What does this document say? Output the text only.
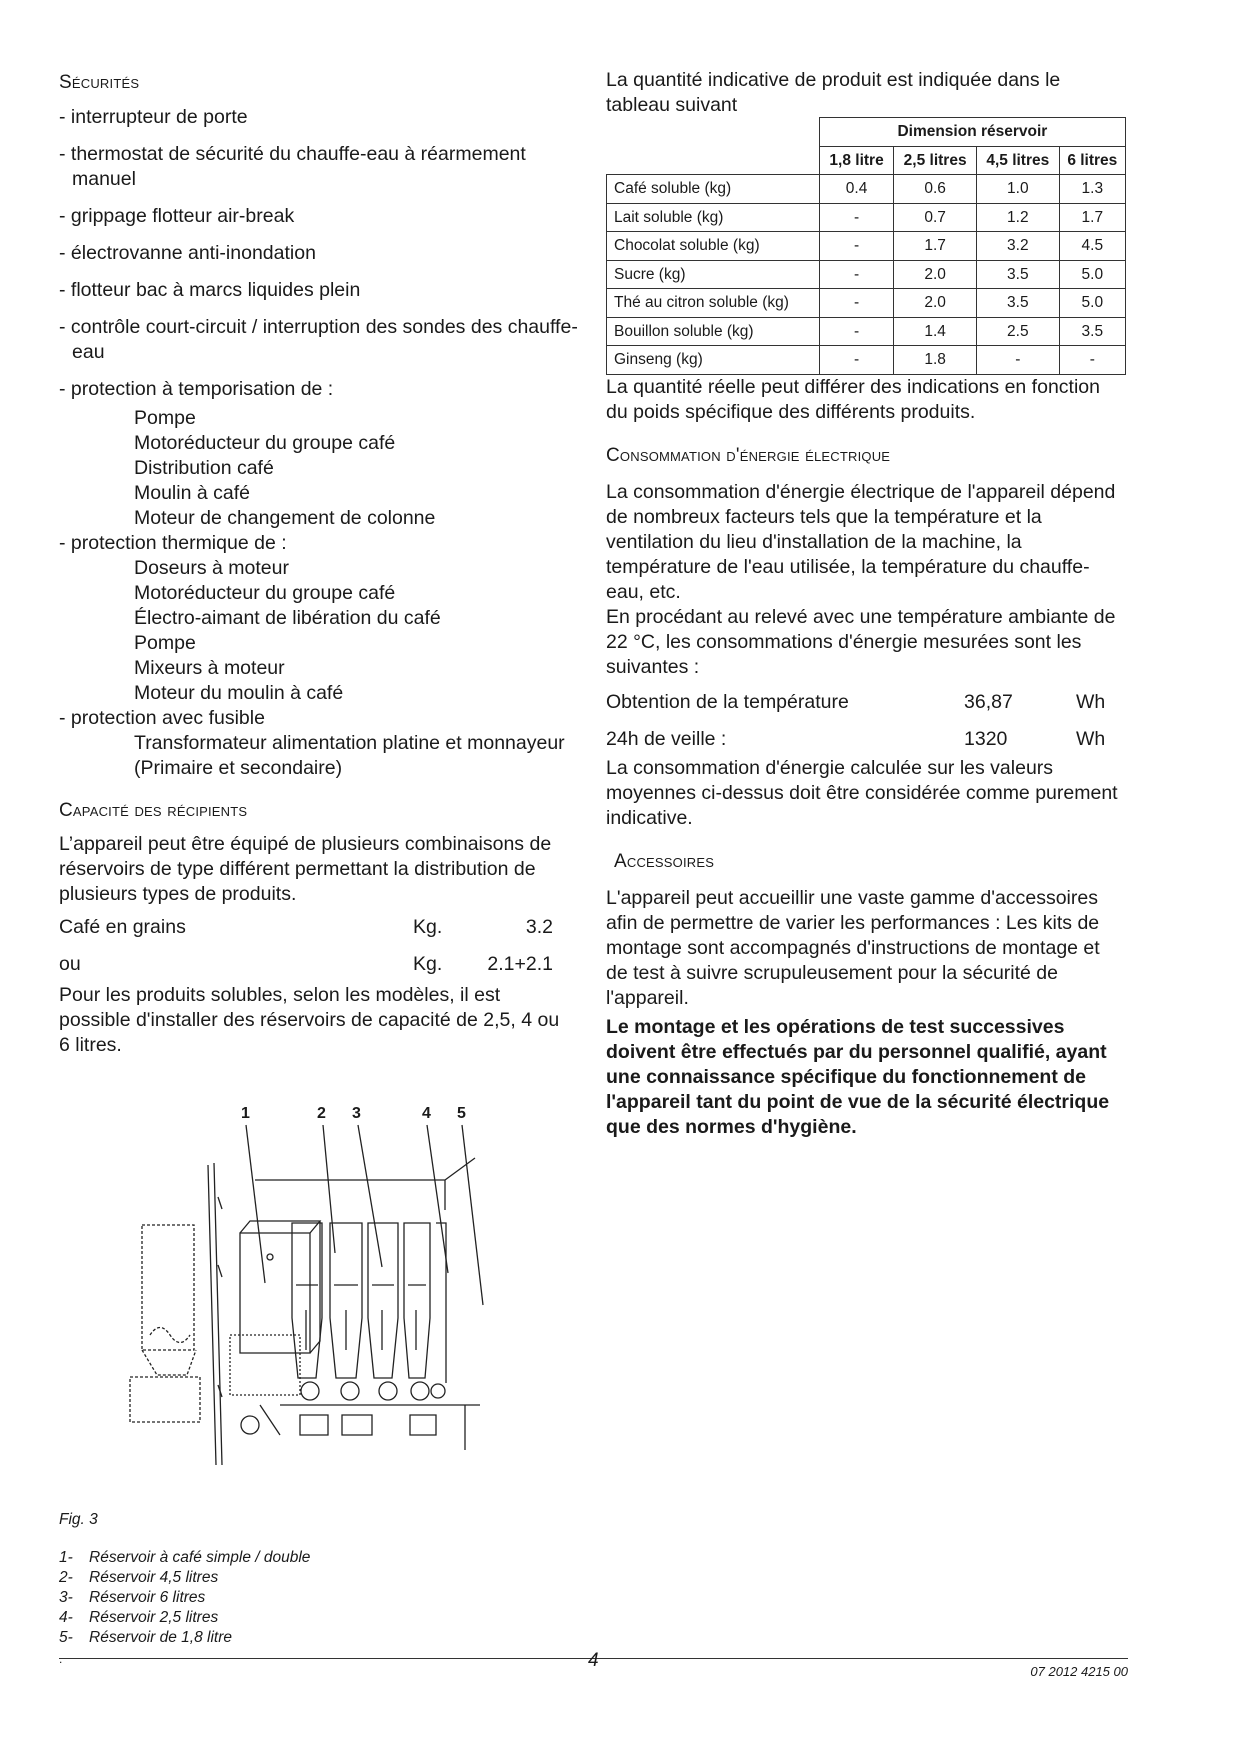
Sécurités

- interrupteur de porte

- thermostat de sécurité du chauffe-eau à réarmement manuel

- grippage flotteur air-break

- électrovanne anti-inondation

- flotteur bac à marcs liquides plein

- contrôle court-circuit / interruption des sondes des chauffe-eau

- protection à temporisation de :

Pompe
Motoréducteur du groupe café
Distribution café
Moulin à café
Moteur de changement de colonne
- protection thermique de :
Doseurs à moteur
Motoréducteur du groupe café
Électro-aimant de libération du café
Pompe
Mixeurs à moteur
Moteur du moulin à café
- protection avec fusible
Transformateur alimentation platine et monnayeur
(Primaire et secondaire)
Capacité des récipients

L’appareil peut être équipé de plusieurs combinaisons de réservoirs de type différent permettant la distribution de plusieurs types de produits.

Café en grains	Kg.	3.2
ou	Kg.	2.1+2.1

Pour les produits solubles, selon les modèles, il est possible d'installer des réservoirs de capacité de 2,5, 4 ou 6 litres.

1	2 3	4 5
Fig. 3
1-	Réservoir à café simple / double
2-	Réservoir 4,5 litres
3-	Réservoir 6 litres
4-	Réservoir 2,5 litres
5-	Réservoir de 1,8 litre

La quantité indicative de produit est indiquée dans le tableau suivant

	Dimension réservoir			
	1,8 litre	2,5 litres	4,5 litres	6 litres
Café soluble (kg)	0.4	0.6	1.0	1.3
Lait soluble (kg)	-	0.7	1.2	1.7
Chocolat soluble (kg)	-	1.7	3.2	4.5
Sucre (kg)	-	2.0	3.5	5.0
Thé au citron soluble (kg)	-	2.0	3.5	5.0
Bouillon soluble (kg)	-	1.4	2.5	3.5
Ginseng (kg)	-	1.8	-	-

La quantité réelle peut différer des indications en fonction du poids spécifique des différents produits.

Consommation d'énergie électrique

La consommation d'énergie électrique de l'appareil dépend de nombreux facteurs tels que la température et la ventilation du lieu d'installation de la machine, la température de l'eau utilisée, la température du chauffe-eau, etc.

En procédant au relevé avec une température ambiante de 22 °C, les consommations d'énergie mesurées sont les suivantes :

Obtention de la température	36,87	Wh
24h de veille :	1320	Wh

La consommation d'énergie calculée sur les valeurs moyennes ci-dessus doit être considérée comme purement indicative.

Accessoires

L'appareil peut accueillir une vaste gamme d'accessoires afin de permettre de varier les performances : Les kits de montage sont accompagnés d'instructions de montage et de test à suivre scrupuleusement pour la sécurité de l'appareil.

Le montage et les opérations de test successives doivent être effectués par du personnel qualifié, ayant une connaissance spécifique du fonctionnement de l'appareil tant du point de vue de la sécurité électrique que des normes d'hygiène.

.	4
07 2012 4215 00
